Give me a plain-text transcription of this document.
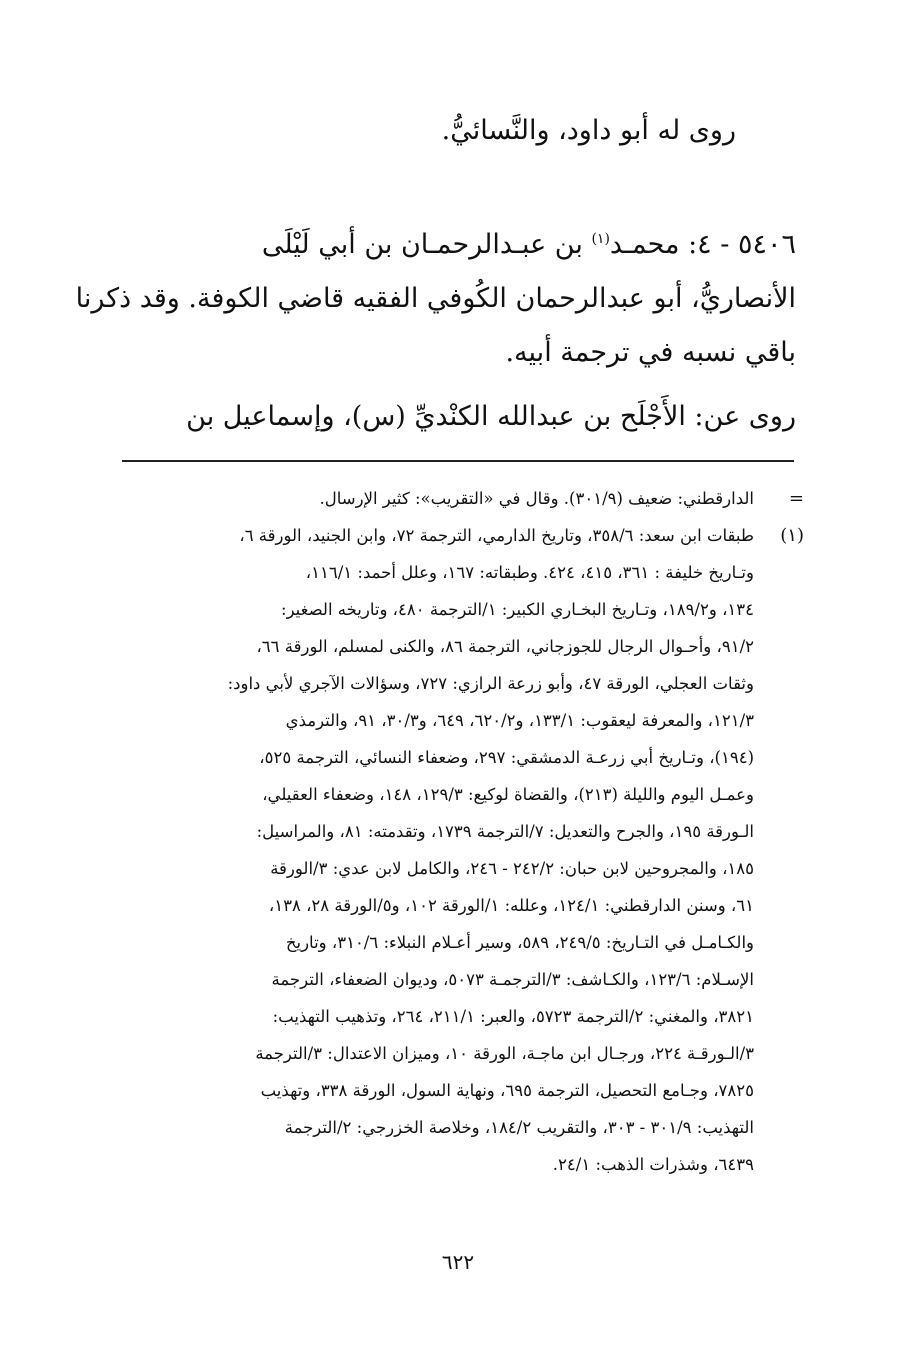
روى له أبو داود، والنَّسائيُّ.
٥٤٠٦ - ٤: محمـد$^{(١)}$ بن عبـدالرحمـان بن أبي لَيْلَى
الأنصاريُّ، أبو عبدالرحمان الكُوفي الفقيه قاضي الكوفة. وقد ذكرنا
باقي نسبه في ترجمة أبيه.
روى عن: الأَجْلَح بن عبدالله الكنْديِّ (س)، وإسماعيل بن
=
الدارقطني: ضعيف (٣٠١/٩). وقال في «التقريب»: كثير الإرسال.
(١)
طبقات ابن سعد: ٣٥٨/٦، وتاريخ الدارمي، الترجمة ٧٢، وابن الجنيد، الورقة ٦،
وتـاريخ خليفة : ٣٦١، ٤١٥، ٤٢٤. وطبقاته: ١٦٧، وعلل أحمد: ١١٦/١،
١٣٤، و١٨٩/٢، وتـاريخ البخـاري الكبير: ١/الترجمة ٤٨٠، وتاريخه الصغير:
٩١/٢، وأحـوال الرجال للجوزجاني، الترجمة ٨٦، والكنى لمسلم، الورقة ٦٦،
وثقات العجلي، الورقة ٤٧، وأبو زرعة الرازي: ٧٢٧، وسؤالات الآجري لأبي داود:
١٢١/٣، والمعرفة ليعقوب: ١٣٣/١، و٦٢٠/٢، ٦٤٩، و٣٠/٣، ٩١، والترمذي
(١٩٤)، وتـاريخ أبي زرعـة الدمشقي: ٢٩٧، وضعفاء النسائي، الترجمة ٥٢٥،
وعمـل اليوم والليلة (٢١٣)، والقضاة لوكيع: ١٢٩/٣، ١٤٨، وضعفاء العقيلي،
الـورقة ١٩٥، والجرح والتعديل: ٧/الترجمة ١٧٣٩، وتقدمته: ٨١، والمراسيل:
١٨٥، والمجروحين لابن حبان: ٢٤٢/٢ - ٢٤٦، والكامل لابن عدي: ٣/الورقة
٦١، وسنن الدارقطني: ١٢٤/١، وعلله: ١/الورقة ١٠٢، و٥/الورقة ٢٨، ١٣٨،
والكـامـل في التـاريخ: ٢٤٩/٥، ٥٨٩، وسير أعـلام النبلاء: ٣١٠/٦، وتاريخ
الإسـلام: ١٢٣/٦، والكـاشف: ٣/الترجمـة ٥٠٧٣، وديوان الضعفاء، الترجمة
٣٨٢١، والمغني: ٢/الترجمة ٥٧٢٣، والعبر: ٢١١/١، ٢٦٤، وتذهيب التهذيب:
٣/الـورقـة ٢٢٤، ورجـال ابن ماجـة، الورقة ١٠، وميزان الاعتدال: ٣/الترجمة
٧٨٢٥، وجـامع التحصيل، الترجمة ٦٩٥، ونهاية السول، الورقة ٣٣٨، وتهذيب
التهذيب: ٣٠١/٩ - ٣٠٣، والتقريب ١٨٤/٢، وخلاصة الخزرجي: ٢/الترجمة
٦٤٣٩، وشذرات الذهب: ٢٤/١.
٦٢٢
